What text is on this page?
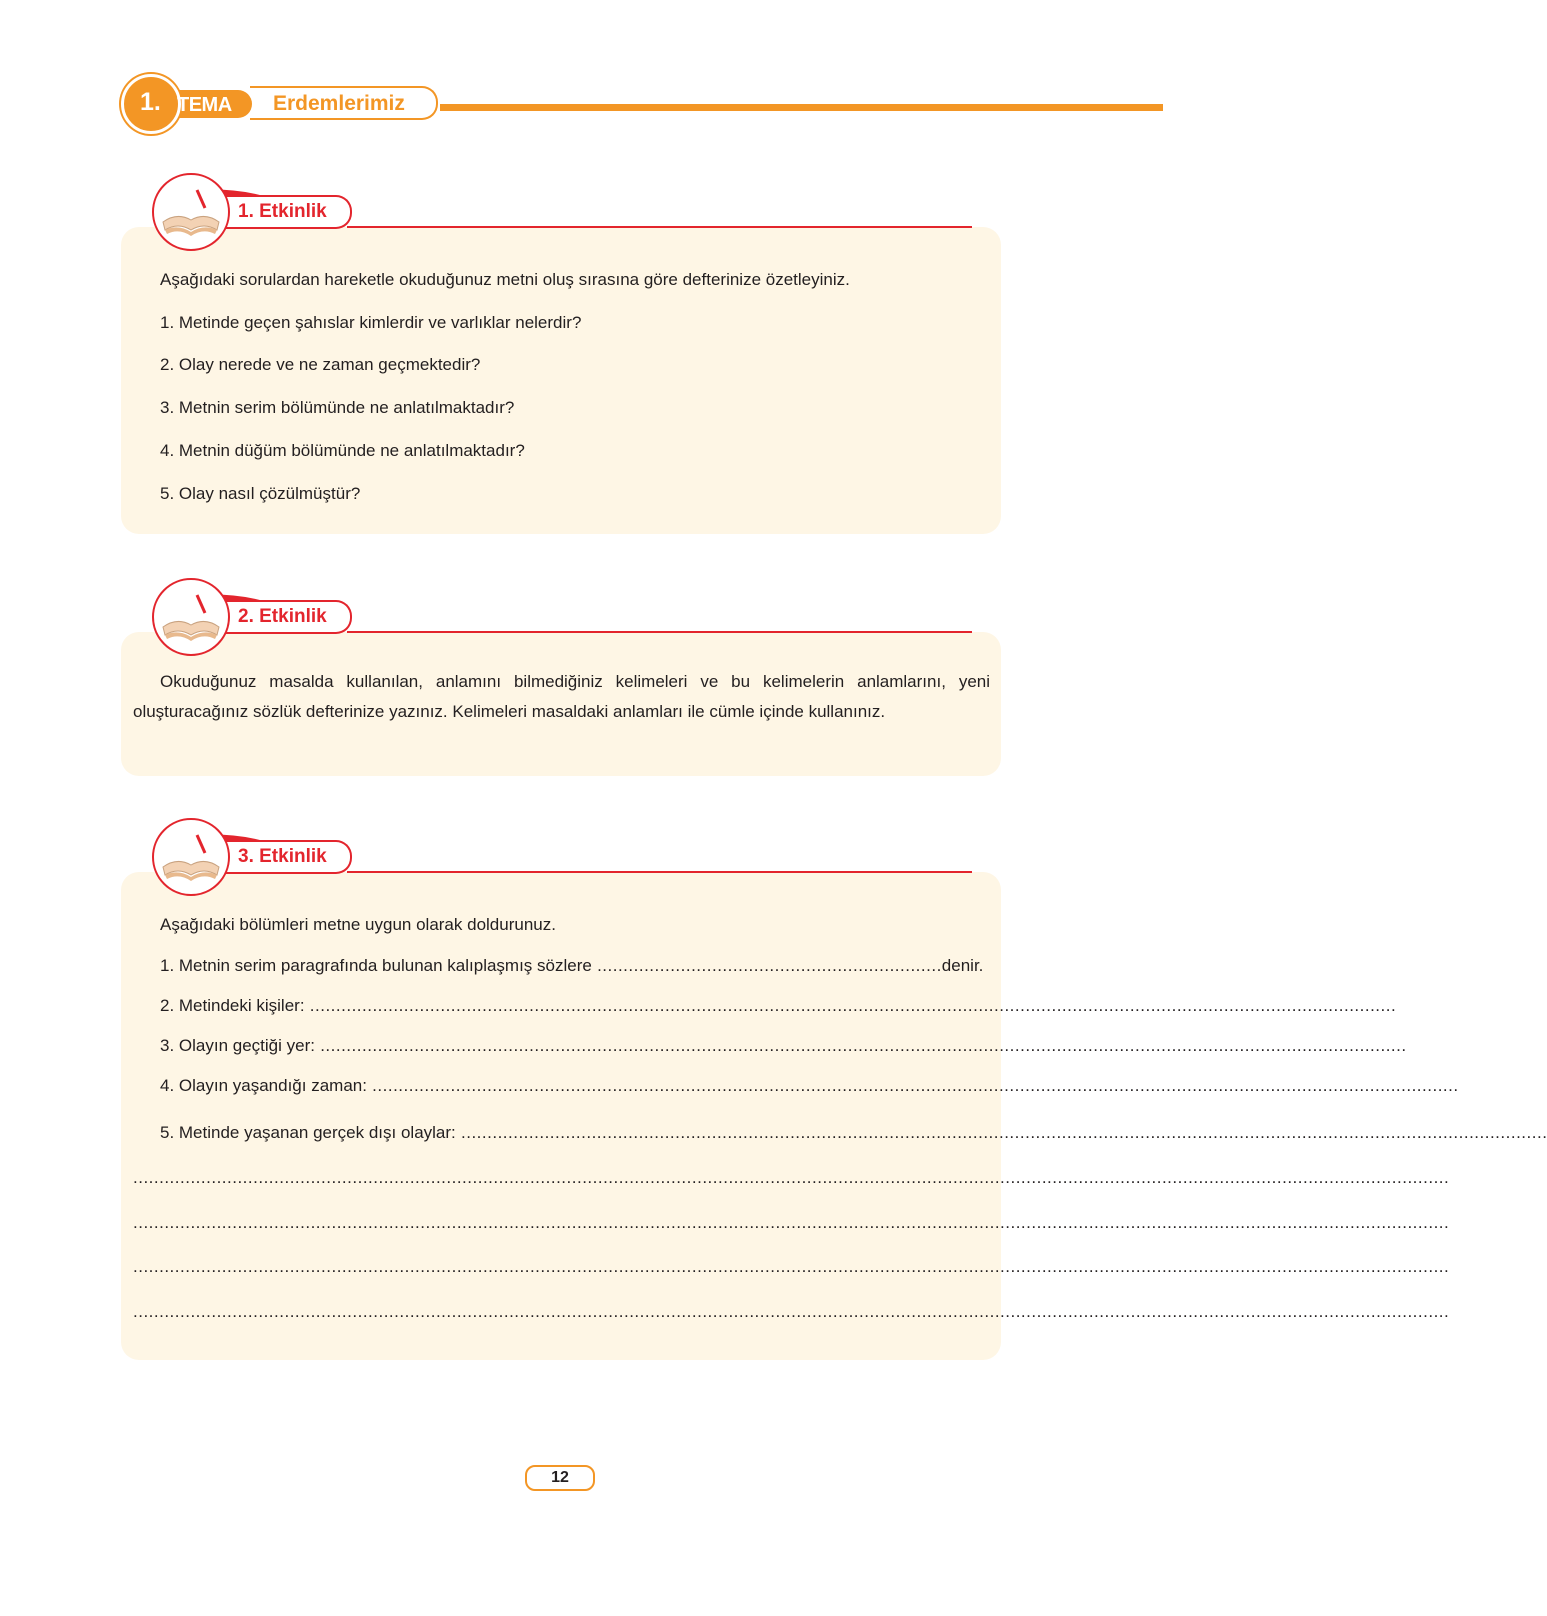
1. TEMA Erdemlerimiz
1. Etkinlik
Aşağıdaki sorulardan hareketle okuduğunuz metni oluş sırasına göre defterinize özetleyiniz.
1. Metinde geçen şahıslar kimlerdir ve varlıklar nelerdir?
2. Olay nerede ve ne zaman geçmektedir?
3. Metnin serim bölümünde ne anlatılmaktadır?
4. Metnin düğüm bölümünde ne anlatılmaktadır?
5. Olay nasıl çözülmüştür?
2. Etkinlik

Okuduğunuz masalda kullanılan, anlamını bilmediğiniz kelimeleri ve bu kelimelerin anlamlarını, yeni oluşturacağınız sözlük defterinize yazınız. Kelimeleri masaldaki anlamları ile cümle içinde kullanınız.

3. Etkinlik
Aşağıdaki bölümleri metne uygun olarak doldurunuz.
1. Metnin serim paragrafında bulunan kalıplaşmış sözlere .................................................................. denir.
2. Metindeki kişiler: ................................................................................................................................................................................................................
3. Olayın geçtiği yer: ................................................................................................................................................................................................................
4. Olayın yaşandığı zaman: ................................................................................................................................................................................................................
5. Metinde yaşanan gerçek dışı olaylar: ................................................................................................................................................................................................................
............................................................................................................................................................................................................................................................
............................................................................................................................................................................................................................................................
............................................................................................................................................................................................................................................................
............................................................................................................................................................................................................................................................
12
